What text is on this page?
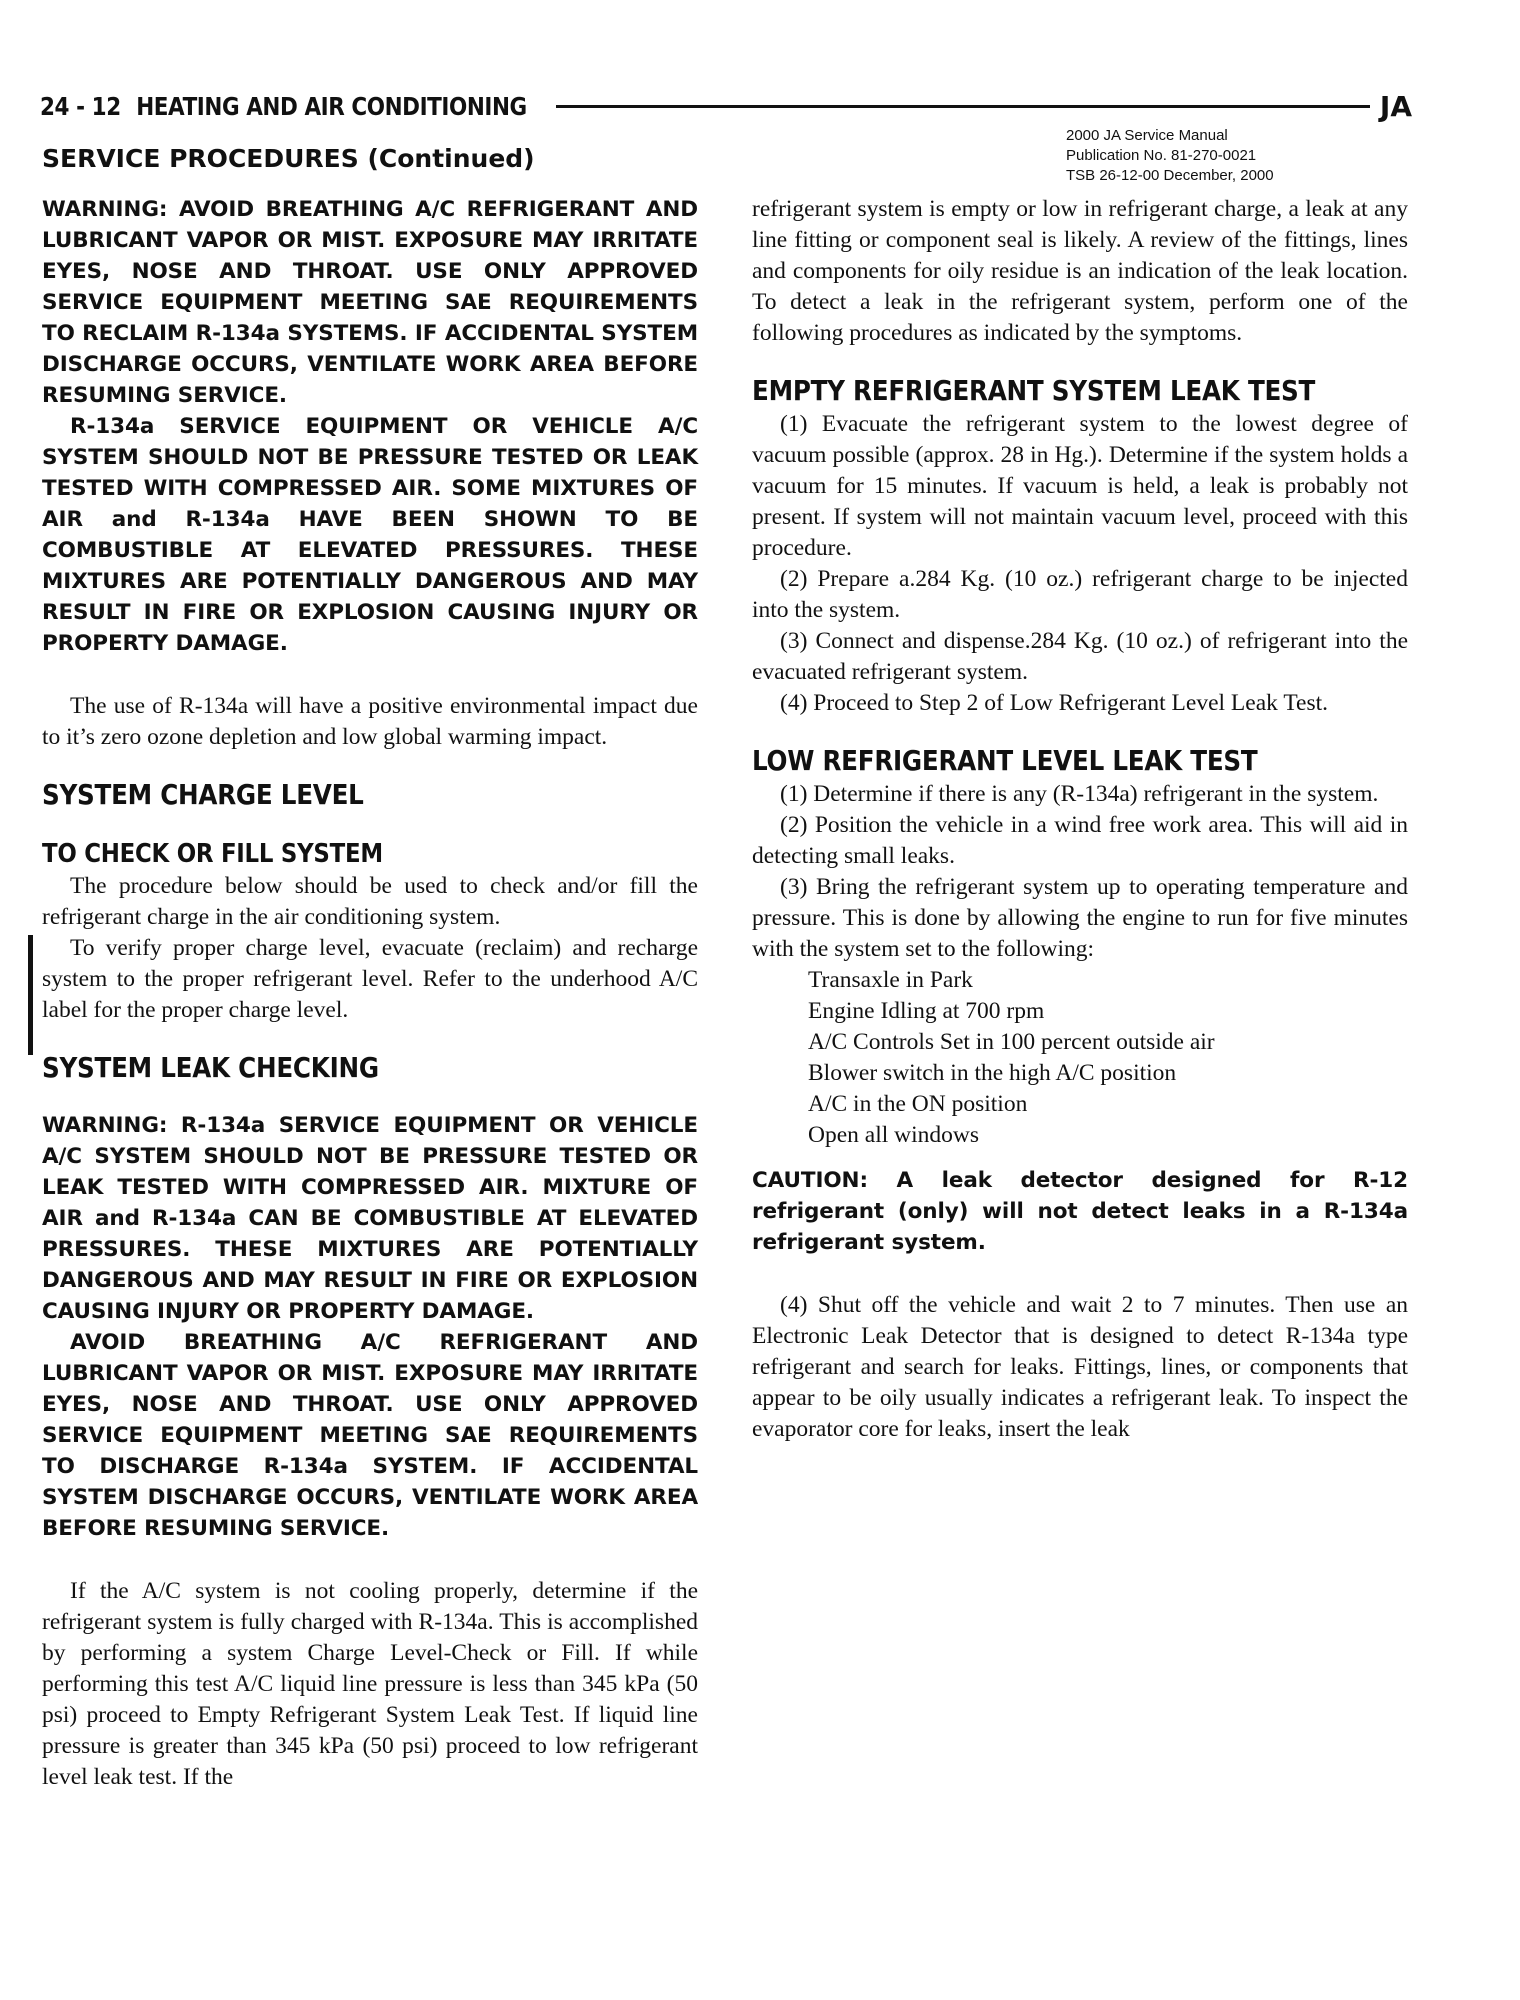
24 - 12 HEATING AND AIR CONDITIONING	JA
2000 JA Service Manual
Publication No. 81-270-0021
TSB 26-12-00 December, 2000
SERVICE PROCEDURES (Continued)

WARNING: AVOID BREATHING A/C REFRIGERANT AND LUBRICANT VAPOR OR MIST. EXPOSURE MAY IRRITATE EYES, NOSE AND THROAT. USE ONLY APPROVED SERVICE EQUIPMENT MEETING SAE REQUIREMENTS TO RECLAIM R-134a SYSTEMS. IF ACCIDENTAL SYSTEM DISCHARGE OCCURS, VENTILATE WORK AREA BEFORE RESUMING SERVICE.

R-134a SERVICE EQUIPMENT OR VEHICLE A/C SYSTEM SHOULD NOT BE PRESSURE TESTED OR LEAK TESTED WITH COMPRESSED AIR. SOME MIXTURES OF AIR and R-134a HAVE BEEN SHOWN TO BE COMBUSTIBLE AT ELEVATED PRESSURES. THESE MIXTURES ARE POTENTIALLY DANGEROUS AND MAY RESULT IN FIRE OR EXPLOSION CAUSING INJURY OR PROPERTY DAMAGE.

The use of R-134a will have a positive environmental impact due to it’s zero ozone depletion and low global warming impact.

SYSTEM CHARGE LEVEL
TO CHECK OR FILL SYSTEM

The procedure below should be used to check and/or fill the refrigerant charge in the air conditioning system.

To verify proper charge level, evacuate (reclaim) and recharge system to the proper refrigerant level. Refer to the underhood A/C label for the proper charge level.

SYSTEM LEAK CHECKING

WARNING: R-134a SERVICE EQUIPMENT OR VEHICLE A/C SYSTEM SHOULD NOT BE PRESSURE TESTED OR LEAK TESTED WITH COMPRESSED AIR. MIXTURE OF AIR and R-134a CAN BE COMBUSTIBLE AT ELEVATED PRESSURES. THESE MIXTURES ARE POTENTIALLY DANGEROUS AND MAY RESULT IN FIRE OR EXPLOSION CAUSING INJURY OR PROPERTY DAMAGE.

AVOID BREATHING A/C REFRIGERANT AND LUBRICANT VAPOR OR MIST. EXPOSURE MAY IRRITATE EYES, NOSE AND THROAT. USE ONLY APPROVED SERVICE EQUIPMENT MEETING SAE REQUIREMENTS TO DISCHARGE R-134a SYSTEM. IF ACCIDENTAL SYSTEM DISCHARGE OCCURS, VENTILATE WORK AREA BEFORE RESUMING SERVICE.

If the A/C system is not cooling properly, determine if the refrigerant system is fully charged with R-134a. This is accomplished by performing a system Charge Level-Check or Fill. If while performing this test A/C liquid line pressure is less than 345 kPa (50 psi) proceed to Empty Refrigerant System Leak Test. If liquid line pressure is greater than 345 kPa (50 psi) proceed to low refrigerant level leak test. If the

refrigerant system is empty or low in refrigerant charge, a leak at any line fitting or component seal is likely. A review of the fittings, lines and components for oily residue is an indication of the leak location. To detect a leak in the refrigerant system, perform one of the following procedures as indicated by the symptoms.

EMPTY REFRIGERANT SYSTEM LEAK TEST

(1) Evacuate the refrigerant system to the lowest degree of vacuum possible (approx. 28 in Hg.). Determine if the system holds a vacuum for 15 minutes. If vacuum is held, a leak is probably not present. If system will not maintain vacuum level, proceed with this procedure.

(2) Prepare a.284 Kg. (10 oz.) refrigerant charge to be injected into the system.

(3) Connect and dispense.284 Kg. (10 oz.) of refrigerant into the evacuated refrigerant system.

(4) Proceed to Step 2 of Low Refrigerant Level Leak Test.

LOW REFRIGERANT LEVEL LEAK TEST

(1) Determine if there is any (R-134a) refrigerant in the system.

(2) Position the vehicle in a wind free work area. This will aid in detecting small leaks.

(3) Bring the refrigerant system up to operating temperature and pressure. This is done by allowing the engine to run for five minutes with the system set to the following:

Transaxle in Park

Engine Idling at 700 rpm

A/C Controls Set in 100 percent outside air

Blower switch in the high A/C position

A/C in the ON position

Open all windows

CAUTION: A leak detector designed for R-12 refrigerant (only) will not detect leaks in a R-134a refrigerant system.

(4) Shut off the vehicle and wait 2 to 7 minutes. Then use an Electronic Leak Detector that is designed to detect R-134a type refrigerant and search for leaks. Fittings, lines, or components that appear to be oily usually indicates a refrigerant leak. To inspect the evaporator core for leaks, insert the leak
